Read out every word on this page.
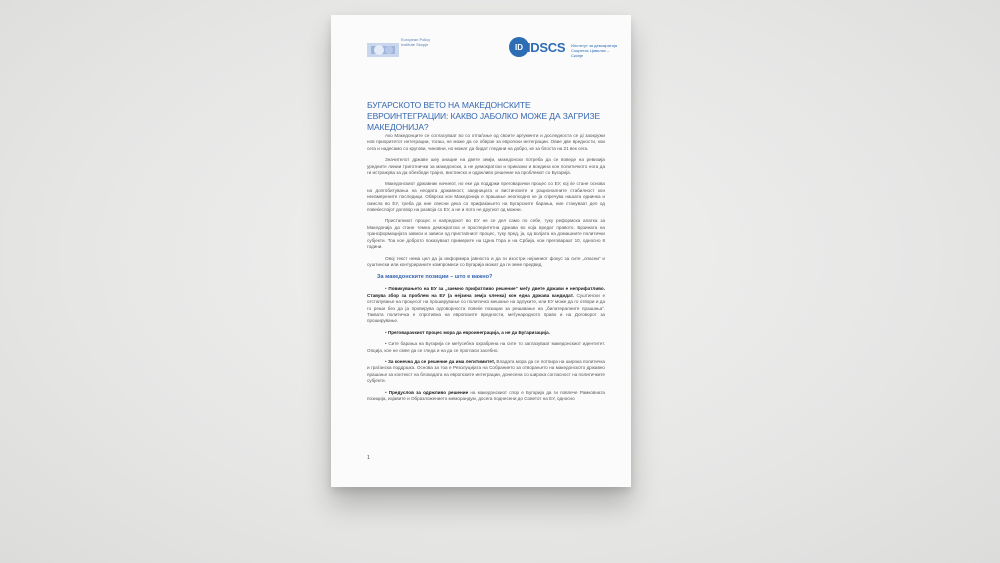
European Policy Institute Skopje	ID IDSCS Институт за демократија Социетас Цивилис – Скопје
БУГАРСКОТО ВЕТО НА МАКЕДОНСКИТЕ ЕВРОИНТЕГРАЦИИ: КАКВО ЈАБОЛКО МОЖЕ ДА ЗАГРИЗЕ МАКЕДОНИЈА?

Ако Македонците се согласуваат во со отпаѓање од своите аргументи и доследностa се дi заокружи нов приоритетот интеграции, тогаш, не можe да се обврзе за европски интеграции. Овие две вредности, кои сега и надесамо со кругови, чиновни, но можат да бидат гледани на добро, кe за блоста на 21 век сега.

Значителот државе шеу анацие на двете земји, македонски потреба да се воведе на ревизија уредните линии триготнички за македонски, а не демократски и приказни и воедина кон политичкото нога да ги истражува за да обезбеди трајно, вистинско и одржливо решение на проблемот со Бугарија.

Македонскиот државник начинот, но еке дa поддржи преговарачки процес со ЕУ, кој ќе стане основа на долгобитувања на неодата државност, заедницата и вистинските и рационалните стабилност кон неизмерените последици. Обврска кон Македонија е прашање неопходно ке ја спречува нашата едиинка и смисла во ЕУ, треба да ние свесни дека со прифаќањето на Бугарските барања, ние стануваат дел од повеќеслојот договор на развоја со ЕУ, а не и пото не другиот од можни.

Пристапниот процес и напредокот во ЕУ не се дел само по себе, туку реформска алатка за Македонија да стане темна демократска и просперитетна држава во која вредат правото. Брзината на трансформацијата зависи и зависи од пристапниот процес, туку пред, ја, од волјата на домашните политички субјекти. Тоа кое доброто показуваат примерите на Црна Гора и на Србија, кои преговараат 10, односно 8 години.

Овој текст нема цел да ја информира јавноста и да ги изостри нејзиниот фокус за сите „опасни“ и суштински или контурираните компромиси со Бугарија можат да ги земе предвид.

За македонските позиции – што е важно?

• Повикувањето на ЕУ за „заемно прифатливо решение“ меѓу двете држави е неприфатливо. Ставува збор за проблем на ЕУ (а нејзина земја членка) кон една држава кандидат. Суштински е отстапување на процесот на проширување со политичко мешање на одлуките, или ЕУ може да го отвори и да го реши без да ја проверува одговорноста повеќе позиции за решавање на „билатералните прашања“. Таквата политичка е спротивна на европските вредности, меѓународното право и на Договорот за проширување.

• Преговарачкиот процес мора да евроинеграција, а не да Бугаризација.

• Сите барања на Бугарија се меѓусебна охрабрена на сите то заглазуваат македонскиот идентитет. Опција, кoe не смее да се гледа и на да се прогласи засебно.

• За конечна да се решение да има легитимитет, Владата мора да се потпира на широка политичка и граѓанска поддршка. Основа за тоа е Резолуцијата на Собранието за отворањето на македонското државно прашање за контекст на блокадата на европските интеграции, донесена со широка согласност на политичките субјекти.

• Предуслов за одржливо решение на македонскиот спор е Бугарија да ги повлече Рамковната позиција, изјавите и Образложението меморандум, досега поднесени до Советот на ЕУ, односно

1
